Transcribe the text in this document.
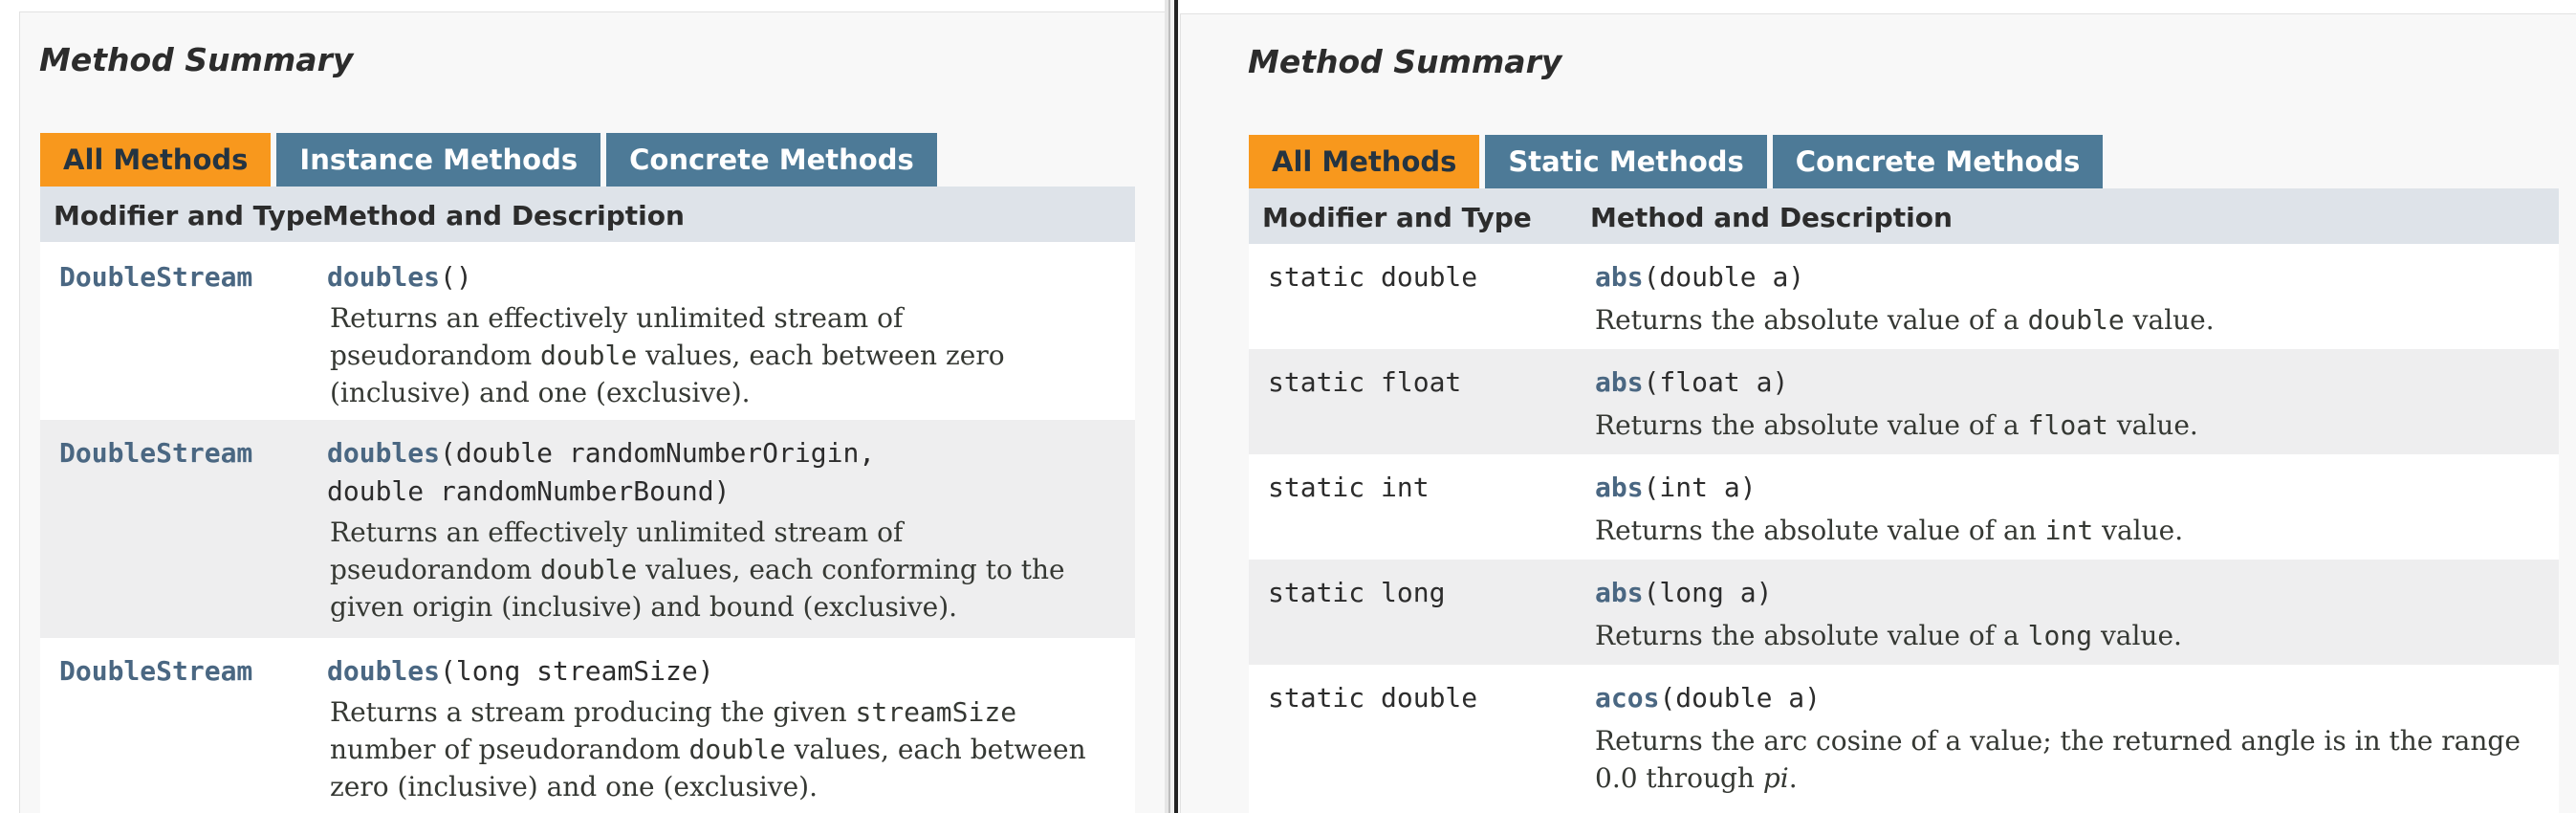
Method Summary
All Methods	Instance Methods	Concrete Methods
Modifier and Type Method and Description
DoubleStream	doubles()
Returns an effectively unlimited stream of
pseudorandom double values, each between zero
(inclusive) and one (exclusive).
DoubleStream	doubles(double randomNumberOrigin,
double randomNumberBound)
Returns an effectively unlimited stream of
pseudorandom double values, each conforming to the
given origin (inclusive) and bound (exclusive).
DoubleStream	doubles(long streamSize)
Returns a stream producing the given streamSize
number of pseudorandom double values, each between
zero (inclusive) and one (exclusive).
Method Summary
All Methods	Static Methods	Concrete Methods
Modifier and Type Method and Description
static double	abs(double a)
Returns the absolute value of a double value.
static float	abs(float a)
Returns the absolute value of a float value.
static int	abs(int a)
Returns the absolute value of an int value.
static long	abs(long a)
Returns the absolute value of a long value.
static double	acos(double a)
Returns the arc cosine of a value; the returned angle is in the range
0.0 through pi.
